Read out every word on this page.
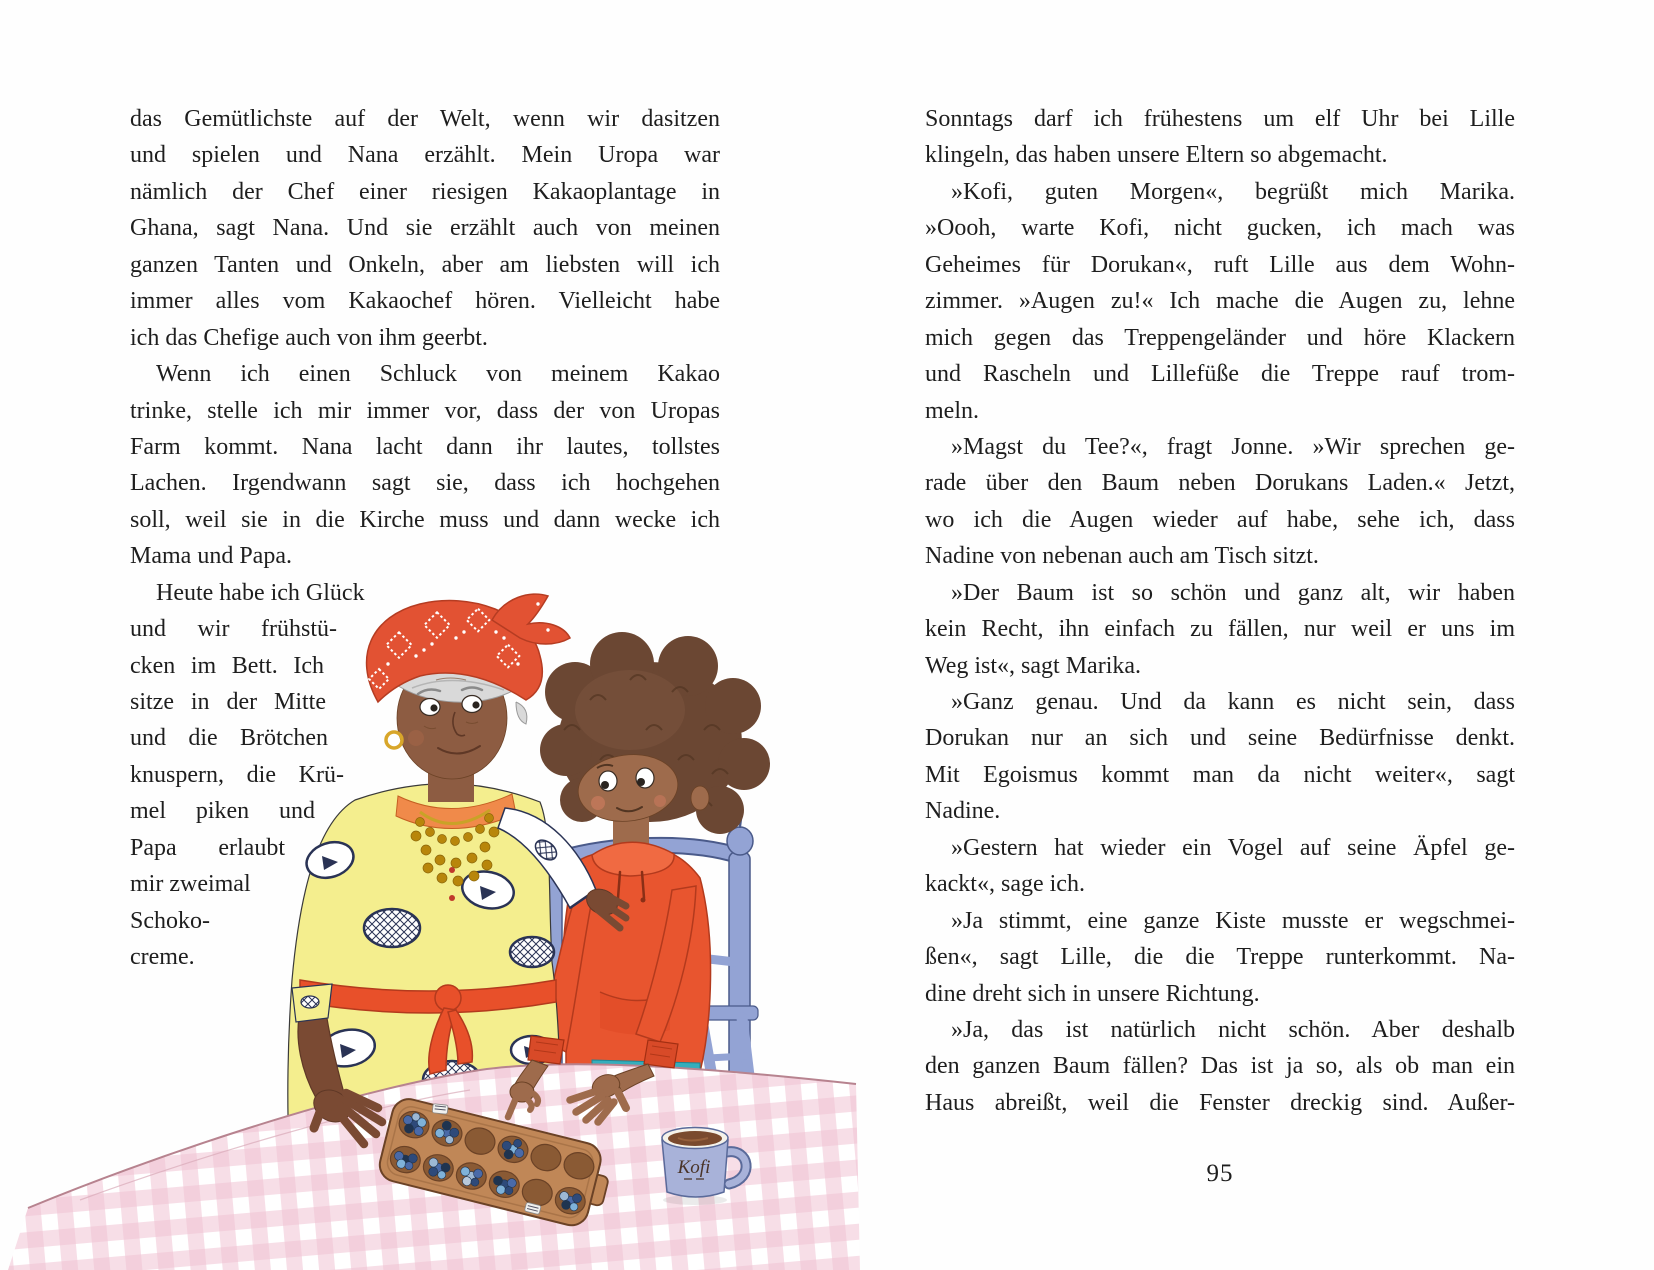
das Gemütlichste auf der Welt, wenn wir dasitzen
und spielen und Nana erzählt. Mein Uropa war
nämlich der Chef einer riesigen Kakaoplantage in
Ghana, sagt Nana. Und sie erzählt auch von meinen
ganzen Tanten und Onkeln, aber am liebsten will ich
immer alles vom Kakaochef hören. Vielleicht habe
ich das Chefige auch von ihm geerbt.
Wenn ich einen Schluck von meinem Kakao
trinke, stelle ich mir immer vor, dass der von Uropas
Farm kommt. Nana lacht dann ihr lautes, tollstes
Lachen. Irgendwann sagt sie, dass ich hochgehen
soll, weil sie in die Kirche muss und dann wecke ich
Mama und Papa.
Heute habe ich Glück
und wir frühstü-
cken im Bett. Ich
sitze in der Mitte
und die Brötchen
knuspern, die Krü-
mel piken und
Papa erlaubt
mir zweimal
Schoko-
creme.
Sonntags darf ich frühestens um elf Uhr bei Lille
klingeln, das haben unsere Eltern so abgemacht.
»Kofi, guten Morgen«, begrüßt mich Marika.
»Oooh, warte Kofi, nicht gucken, ich mach was
Geheimes für Dorukan«, ruft Lille aus dem Wohn-
zimmer. »Augen zu!« Ich mache die Augen zu, lehne
mich gegen das Treppengeländer und höre Klackern
und Rascheln und Lillefüße die Treppe rauf trom-
meln.
»Magst du Tee?«, fragt Jonne. »Wir sprechen ge-
rade über den Baum neben Dorukans Laden.« Jetzt,
wo ich die Augen wieder auf habe, sehe ich, dass
Nadine von nebenan auch am Tisch sitzt.
»Der Baum ist so schön und ganz alt, wir haben
kein Recht, ihn einfach zu fällen, nur weil er uns im
Weg ist«, sagt Marika.
»Ganz genau. Und da kann es nicht sein, dass
Dorukan nur an sich und seine Bedürfnisse denkt.
Mit Egoismus kommt man da nicht weiter«, sagt
Nadine.
»Gestern hat wieder ein Vogel auf seine Äpfel ge-
kackt«, sage ich.
»Ja stimmt, eine ganze Kiste musste er wegschmei-
ßen«, sagt Lille, die die Treppe runterkommt. Na-
dine dreht sich in unsere Richtung.
»Ja, das ist natürlich nicht schön. Aber deshalb
den ganzen Baum fällen? Das ist ja so, als ob man ein
Haus abreißt, weil die Fenster dreckig sind. Außer-
95
Kofi
